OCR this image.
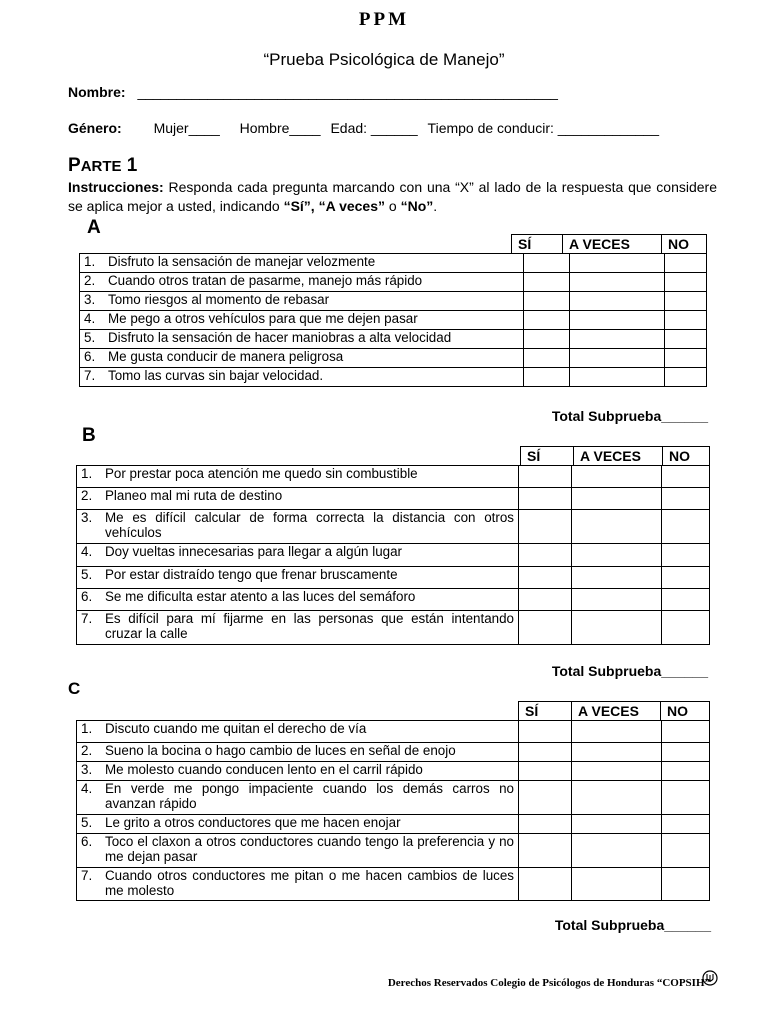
PPM
“Prueba Psicológica de Manejo”
Nombre: ______________________________________________________
Género: Mujer____ Hombre____ Edad: ______ Tiempo de conducir: _____________
PARTE 1
Instrucciones: Responda cada pregunta marcando con una “X” al lado de la respuesta que considere se aplica mejor a usted, indicando “Sí”, “A veces” o “No”.
A
SÍ	A VECES	NO
1.	Disfruto la sensación de manejar velozmente			
2.	Cuando otros tratan de pasarme, manejo más rápido			
3.	Tomo riesgos al momento de rebasar			
4.	Me pego a otros vehículos para que me dejen pasar			
5.	Disfruto la sensación de hacer maniobras a alta velocidad			
6.	Me gusta conducir de manera peligrosa			
7.	Tomo las curvas sin bajar velocidad.			
Total Subprueba______
B
SÍ	A VECES	NO
1.	Por prestar poca atención me quedo sin combustible			
2.	Planeo mal mi ruta de destino			
3.	Me es difícil calcular de forma correcta la distancia con otros vehículos			
4.	Doy vueltas innecesarias para llegar a algún lugar			
5.	Por estar distraído tengo que frenar bruscamente			
6.	Se me dificulta estar atento a las luces del semáforo			
7.	Es difícil para mí fijarme en las personas que están intentando cruzar la calle			
Total Subprueba______
C
SÍ	A VECES	NO
1.	Discuto cuando me quitan el derecho de vía			
2.	Sueno la bocina o hago cambio de luces en señal de enojo			
3.	Me molesto cuando conducen lento en el carril rápido			
4.	En verde me pongo impaciente cuando los demás carros no avanzan rápido			
5.	Le grito a otros conductores que me hacen enojar			
6.	Toco el claxon a otros conductores cuando tengo la preferencia y no me dejan pasar			
7.	Cuando otros conductores me pitan o me hacen cambios de luces me molesto			
Total Subprueba______
Derechos Reservados Colegio de Psicólogos de Honduras “COPSIH”
